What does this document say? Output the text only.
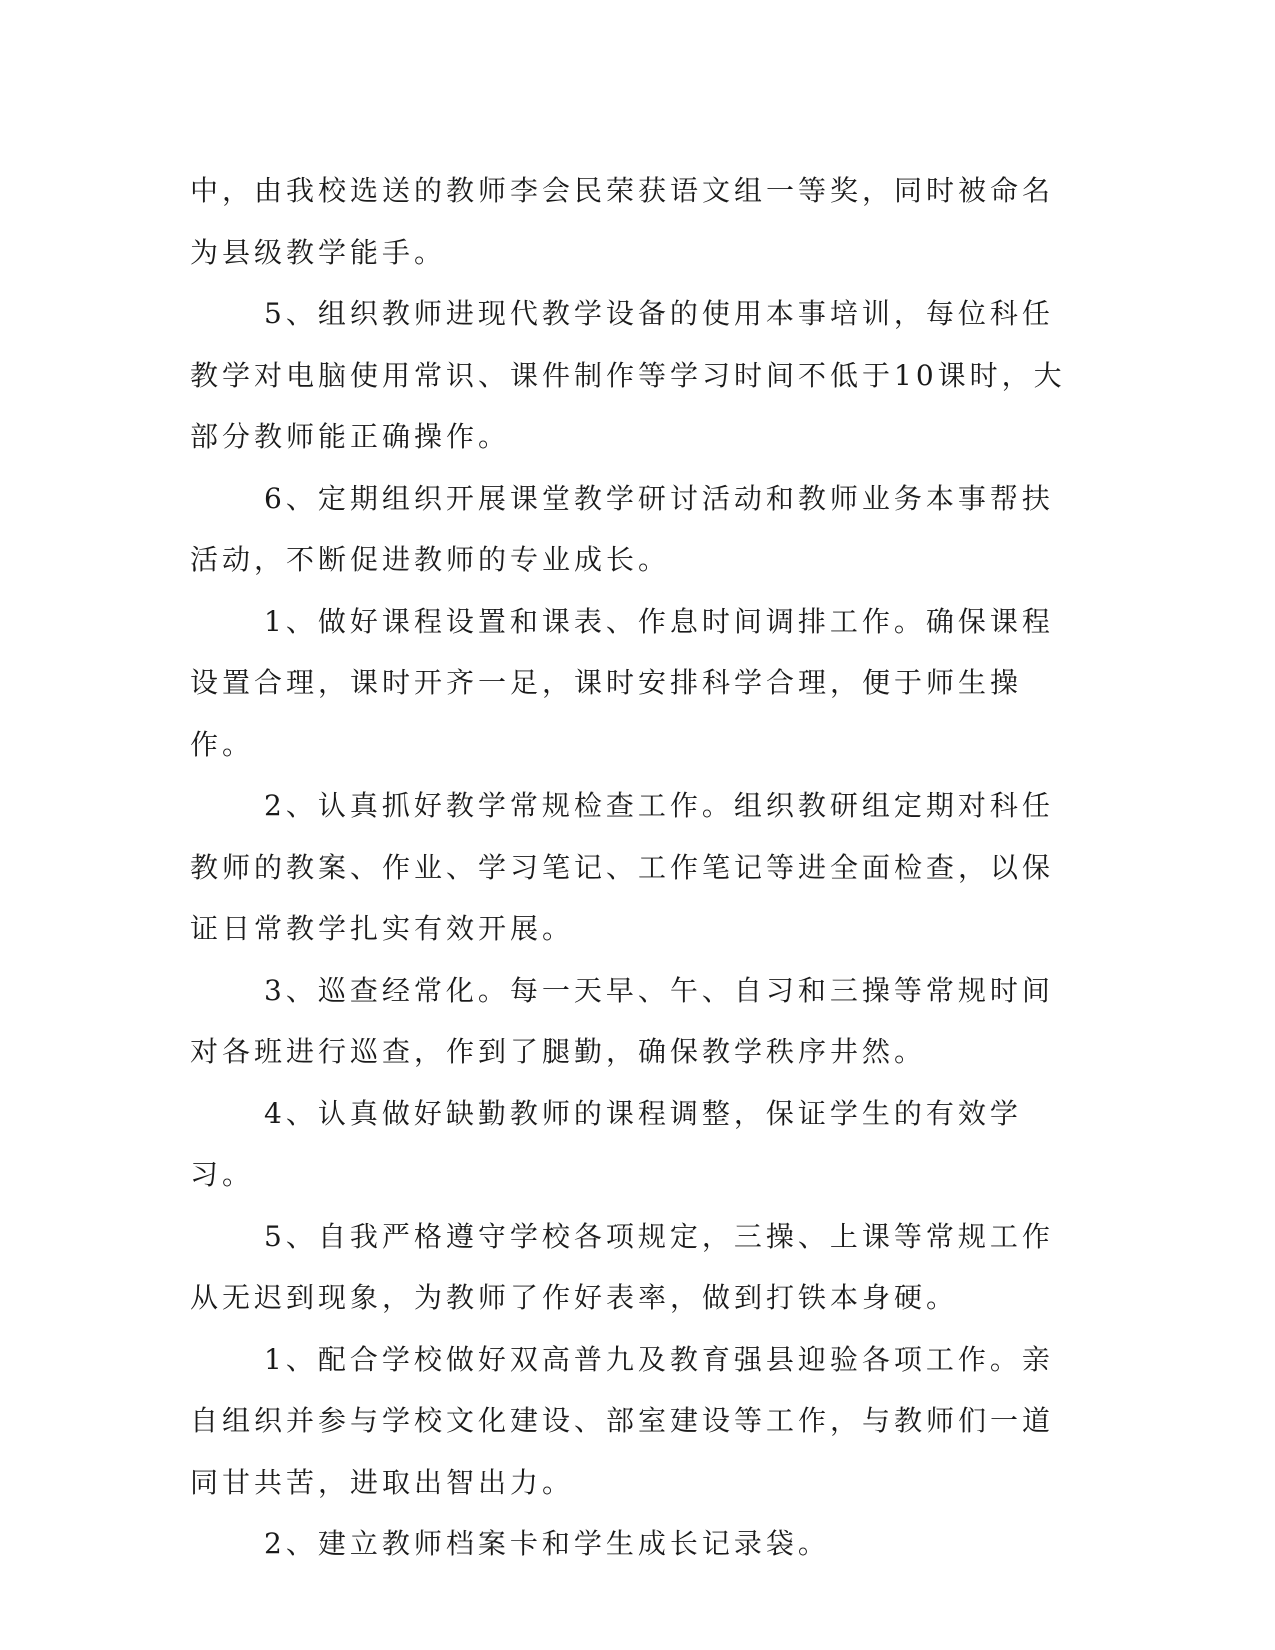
中，由我校选送的教师李会民荣获语文组一等奖，同时被命名为县级教学能手。

5、组织教师进现代教学设备的使用本事培训，每位科任教学对电脑使用常识、课件制作等学习时间不低于10课时，大部分教师能正确操作。

6、定期组织开展课堂教学研讨活动和教师业务本事帮扶活动，不断促进教师的专业成长。

1、做好课程设置和课表、作息时间调排工作。确保课程设置合理，课时开齐一足，课时安排科学合理，便于师生操作。

2、认真抓好教学常规检查工作。组织教研组定期对科任教师的教案、作业、学习笔记、工作笔记等进全面检查，以保证日常教学扎实有效开展。

3、巡查经常化。每一天早、午、自习和三操等常规时间对各班进行巡查，作到了腿勤，确保教学秩序井然。

4、认真做好缺勤教师的课程调整，保证学生的有效学习。

5、自我严格遵守学校各项规定，三操、上课等常规工作从无迟到现象，为教师了作好表率，做到打铁本身硬。

1、配合学校做好双高普九及教育强县迎验各项工作。亲自组织并参与学校文化建设、部室建设等工作，与教师们一道同甘共苦，进取出智出力。

2、建立教师档案卡和学生成长记录袋。
